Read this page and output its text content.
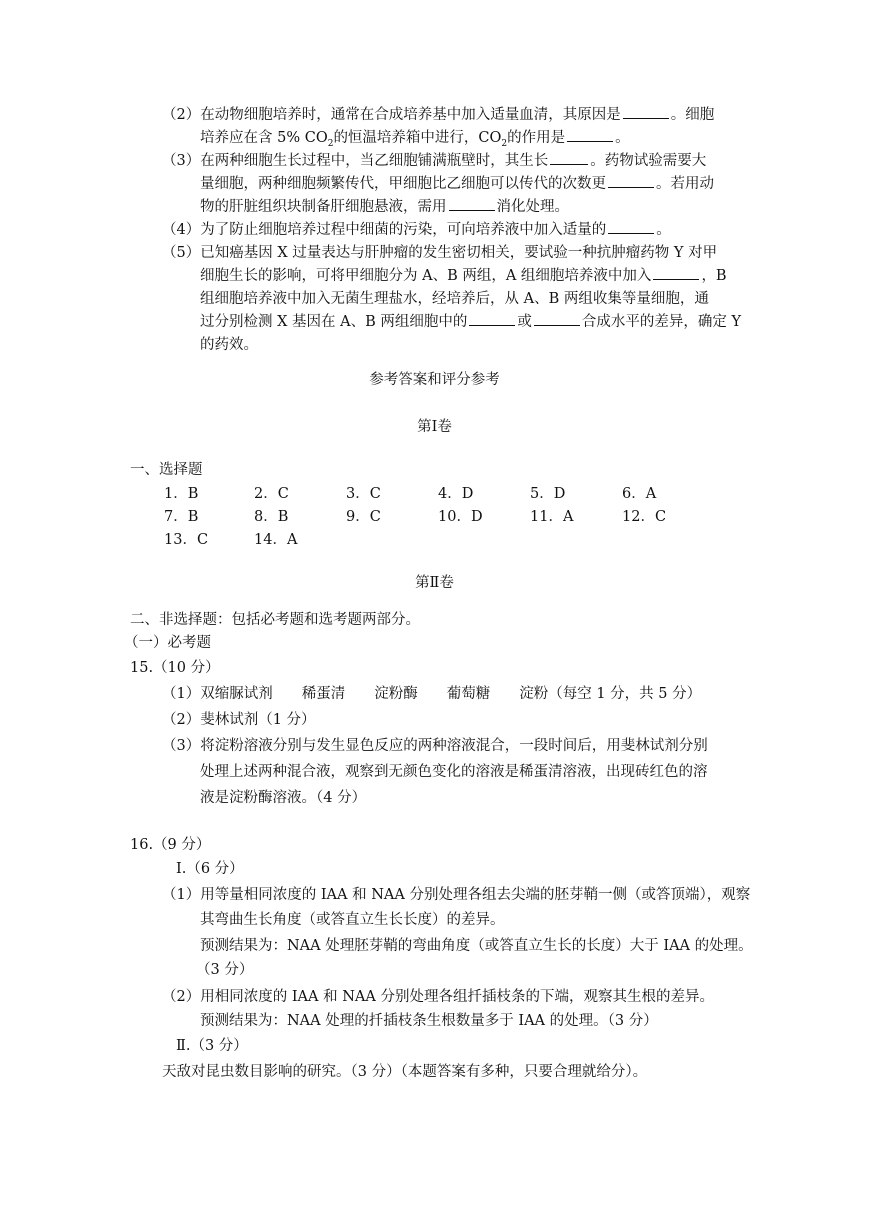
（2）在动物细胞培养时，通常在合成培养基中加入适量血清，其原因是	。细胞
培养应在含 5% $CO_2$的恒温培养箱中进行，$CO_2$的作用是	。
（3）在两种细胞生长过程中，当乙细胞铺满瓶壁时，其生长	。药物试验需要大
量细胞，两种细胞频繁传代，甲细胞比乙细胞可以传代的次数更	。若用动
物的肝脏组织块制备肝细胞悬液，需用	消化处理。
（4）为了防止细胞培养过程中细菌的污染，可向培养液中加入适量的	。
（5）已知癌基因 X 过量表达与肝肿瘤的发生密切相关，要试验一种抗肿瘤药物 Y 对甲
细胞生长的影响，可将甲细胞分为 A、B 两组，A 组细胞培养液中加入	，B
组细胞培养液中加入无菌生理盐水，经培养后，从 A、B 两组收集等量细胞，通
过分别检测 X 基因在 A、B 两组细胞中的	或	合成水平的差异，确定 Y
的药效。
参考答案和评分参考
第Ⅰ卷
一、选择题
1．B	2．C	3．C	4．D	5．D	6．A
7．B	8．B	9．C	10．D	11．A	12．C
13．C	14．A
第Ⅱ卷
二、非选择题：包括必考题和选考题两部分。
（一）必考题
15.（10 分）
（1）双缩脲试剂　　稀蛋清　　淀粉酶　　葡萄糖　　淀粉（每空 1 分，共 5 分）
（2）斐林试剂（1 分）
（3）将淀粉溶液分别与发生显色反应的两种溶液混合，一段时间后，用斐林试剂分别
处理上述两种混合液，观察到无颜色变化的溶液是稀蛋清溶液，出现砖红色的溶
液是淀粉酶溶液。（4 分）
16.（9 分）
Ⅰ.（6 分）
（1）用等量相同浓度的 IAA 和 NAA 分别处理各组去尖端的胚芽鞘一侧（或答顶端），观察
其弯曲生长角度（或答直立生长长度）的差异。
预测结果为：NAA 处理胚芽鞘的弯曲角度（或答直立生长的长度）大于 IAA 的处理。
（3 分）
（2）用相同浓度的 IAA 和 NAA 分别处理各组扦插枝条的下端，观察其生根的差异。
预测结果为：NAA 处理的扦插枝条生根数量多于 IAA 的处理。（3 分）
Ⅱ.（3 分）
天敌对昆虫数目影响的研究。（3 分）（本题答案有多种，只要合理就给分）。
